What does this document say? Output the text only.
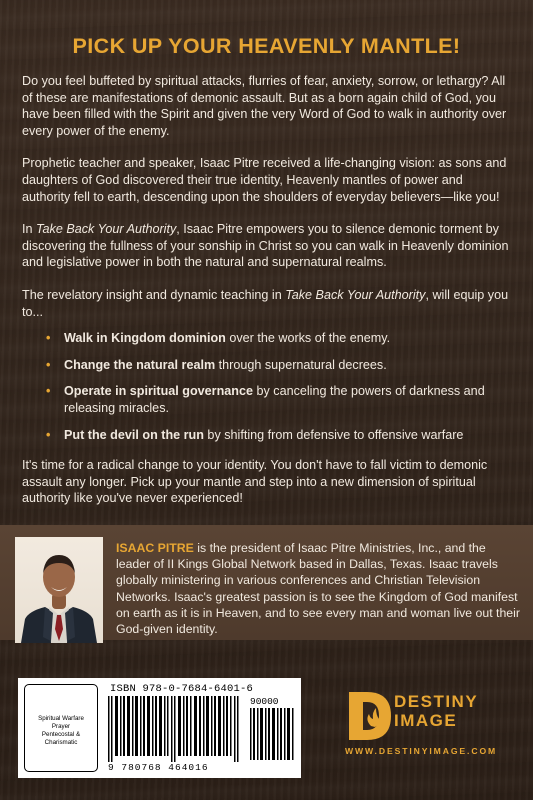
PICK UP YOUR HEAVENLY MANTLE!

Do you feel buffeted by spiritual attacks, flurries of fear, anxiety, sorrow, or lethargy? All of these are manifestations of demonic assault. But as a born again child of God, you have been filled with the Spirit and given the very Word of God to walk in authority over every power of the enemy.

Prophetic teacher and speaker, Isaac Pitre received a life-changing vision: as sons and daughters of God discovered their true identity, Heavenly mantles of power and authority fell to earth, descending upon the shoulders of everyday believers—like you!

In Take Back Your Authority, Isaac Pitre empowers you to silence demonic torment by discovering the fullness of your sonship in Christ so you can walk in Heavenly dominion and legislative power in both the natural and supernatural realms.

The revelatory insight and dynamic teaching in Take Back Your Authority, will equip you to...

• Walk in Kingdom dominion over the works of the enemy.
• Change the natural realm through supernatural decrees.
• Operate in spiritual governance by canceling the powers of darkness and releasing miracles.
• Put the devil on the run by shifting from defensive to offensive warfare

It's time for a radical change to your identity. You don't have to fall victim to demonic assault any longer. Pick up your mantle and step into a new dimension of spiritual authority like you've never experienced!

ISAAC PITRE is the president of Isaac Pitre Ministries, Inc., and the leader of II Kings Global Network based in Dallas, Texas. Isaac travels globally ministering in various conferences and Christian Television Networks. Isaac's greatest passion is to see the Kingdom of God manifest on earth as it is in Heaven, and to see every man and woman live out their God-given identity.
Spiritual Warfare
Prayer
Pentecostal & Charismatic
ISBN 978-0-7684-6401-6
90000
9 780768 464016
DESTINY
IMAGE
WWW.DESTINYIMAGE.COM
